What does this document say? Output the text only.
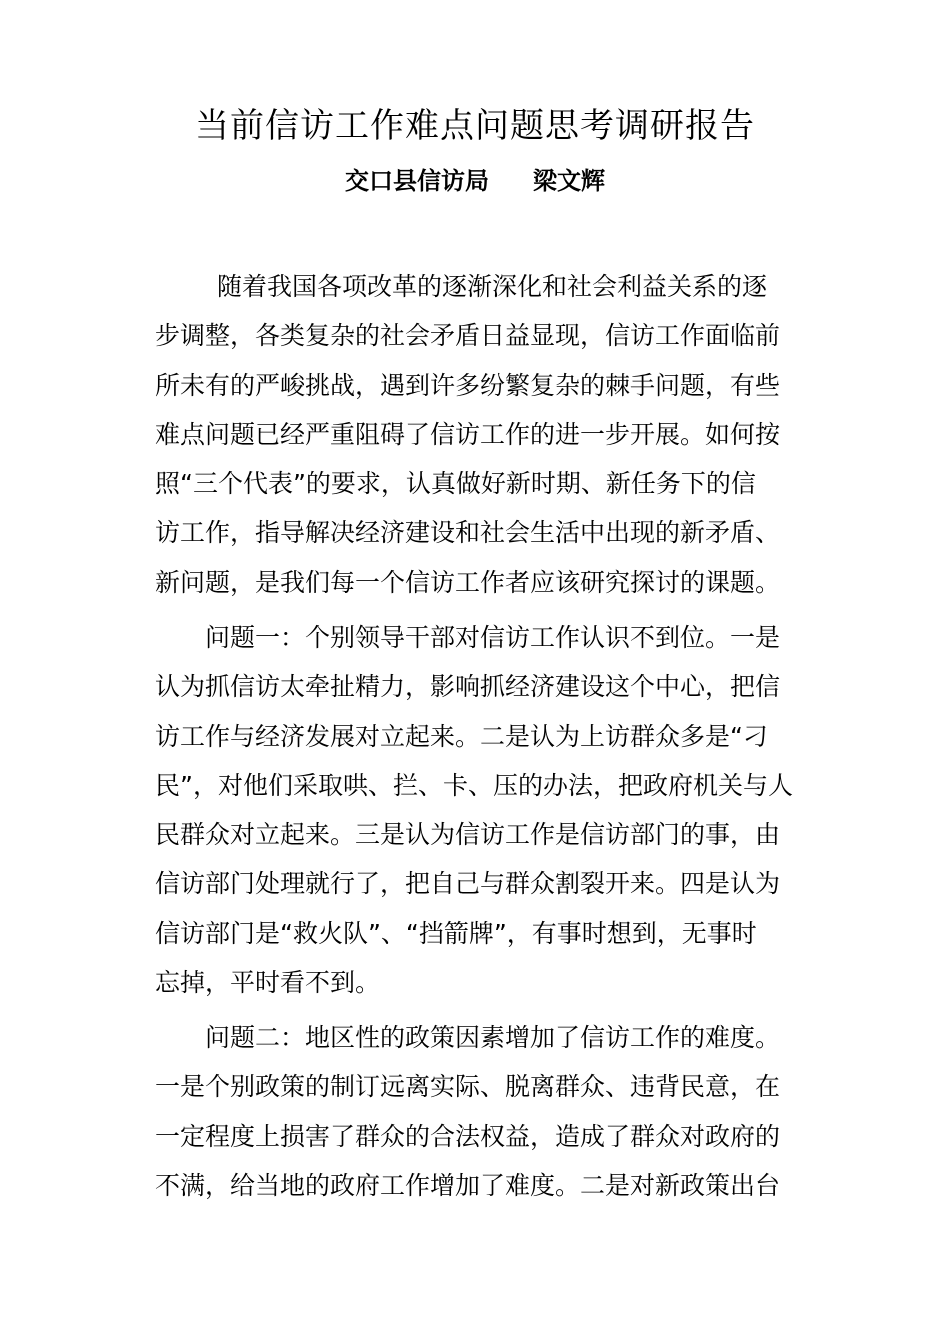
当前信访工作难点问题思考调研报告
交口县信访局 梁文辉
随着我国各项改革的逐渐深化和社会利益关系的逐
步调整，各类复杂的社会矛盾日益显现，信访工作面临前
所未有的严峻挑战，遇到许多纷繁复杂的棘手问题，有些
难点问题已经严重阻碍了信访工作的进一步开展。如何按
照“三个代表”的要求，认真做好新时期、新任务下的信
访工作，指导解决经济建设和社会生活中出现的新矛盾、
新问题，是我们每一个信访工作者应该研究探讨的课题。
问题一：个别领导干部对信访工作认识不到位。一是
认为抓信访太牵扯精力，影响抓经济建设这个中心，把信
访工作与经济发展对立起来。二是认为上访群众多是“刁
民”，对他们采取哄、拦、卡、压的办法，把政府机关与人
民群众对立起来。三是认为信访工作是信访部门的事，由
信访部门处理就行了，把自己与群众割裂开来。四是认为
信访部门是“救火队”、“挡箭牌”，有事时想到，无事时
忘掉，平时看不到。
问题二：地区性的政策因素增加了信访工作的难度。
一是个别政策的制订远离实际、脱离群众、违背民意，在
一定程度上损害了群众的合法权益，造成了群众对政府的
不满，给当地的政府工作增加了难度。二是对新政策出台
